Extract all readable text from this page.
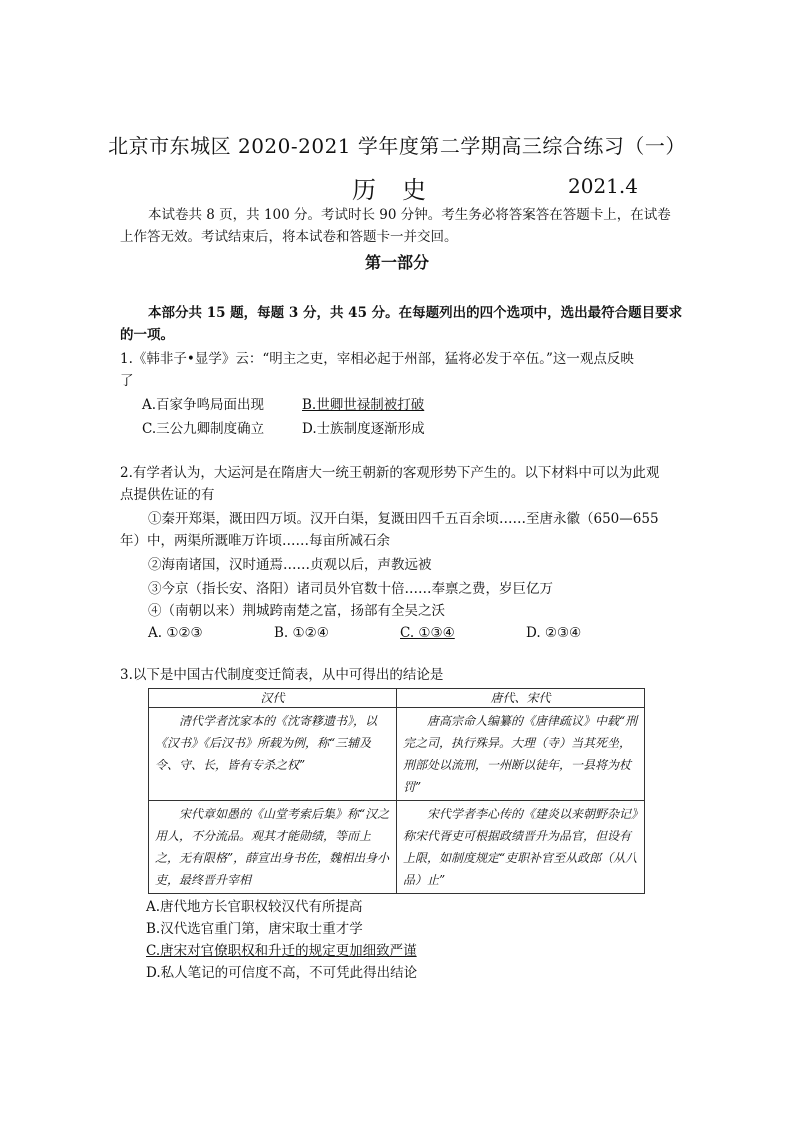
北京市东城区 2020-2021 学年度第二学期高三综合练习（一）
历史	2021.4
本试卷共 8 页，共 100 分。考试时长 90 分钟。考生务必将答案答在答题卡上，在试卷
上作答无效。考试结束后，将本试卷和答题卡一并交回。
第一部分
本部分共 15 题，每题 3 分，共 45 分。在每题列出的四个选项中，选出最符合题目要求
的一项。
1.《韩非子•显学》云：“明主之吏，宰相必起于州部，猛将必发于卒伍。”这一观点反映
了
A.百家争鸣局面出现	B.世卿世禄制被打破
C.三公九卿制度确立	D.士族制度逐渐形成
2.有学者认为，大运河是在隋唐大一统王朝新的客观形势下产生的。以下材料中可以为此观
点提供佐证的有
①秦开郑渠，溉田四万顷。汉开白渠，复溉田四千五百余顷……至唐永徽（650—655
年）中，两渠所溉唯万许顷……每亩所减石余
②海南诸国，汉时通焉……贞观以后，声教远被
③今京（指长安、洛阳）诸司员外官数十倍……奉禀之费，岁巨亿万
④（南朝以来）荆城跨南楚之富，扬部有全吴之沃
A. ①②③	B. ①②④	C. ①③④	D. ②③④
3.以下是中国古代制度变迁简表，从中可得出的结论是
汉代	唐代、宋代
清代学者沈家本的《沈寄簃遗书》，以《汉书》《后汉书》所载为例，称“三辅及令、守、长，皆有专杀之权”	唐高宗命人编纂的《唐律疏议》中载“刑完之司，执行殊异。大理（寺）当其死坐，刑部处以流刑，一州断以徒年，一县将为杖罚”
宋代章如愚的《山堂考索后集》称“汉之用人，不分流品。观其才能勋绩，等而上之，无有限格”，薛宣出身书佐，魏相出身小吏，最终晋升宰相	宋代学者李心传的《建炎以来朝野杂记》称宋代胥吏可根据政绩晋升为品官，但设有上限，如制度规定“吏职补官至从政郎（从八品）止”
A.唐代地方长官职权较汉代有所提高
B.汉代选官重门第，唐宋取士重才学
C.唐宋对官僚职权和升迁的规定更加细致严谨
D.私人笔记的可信度不高，不可凭此得出结论
